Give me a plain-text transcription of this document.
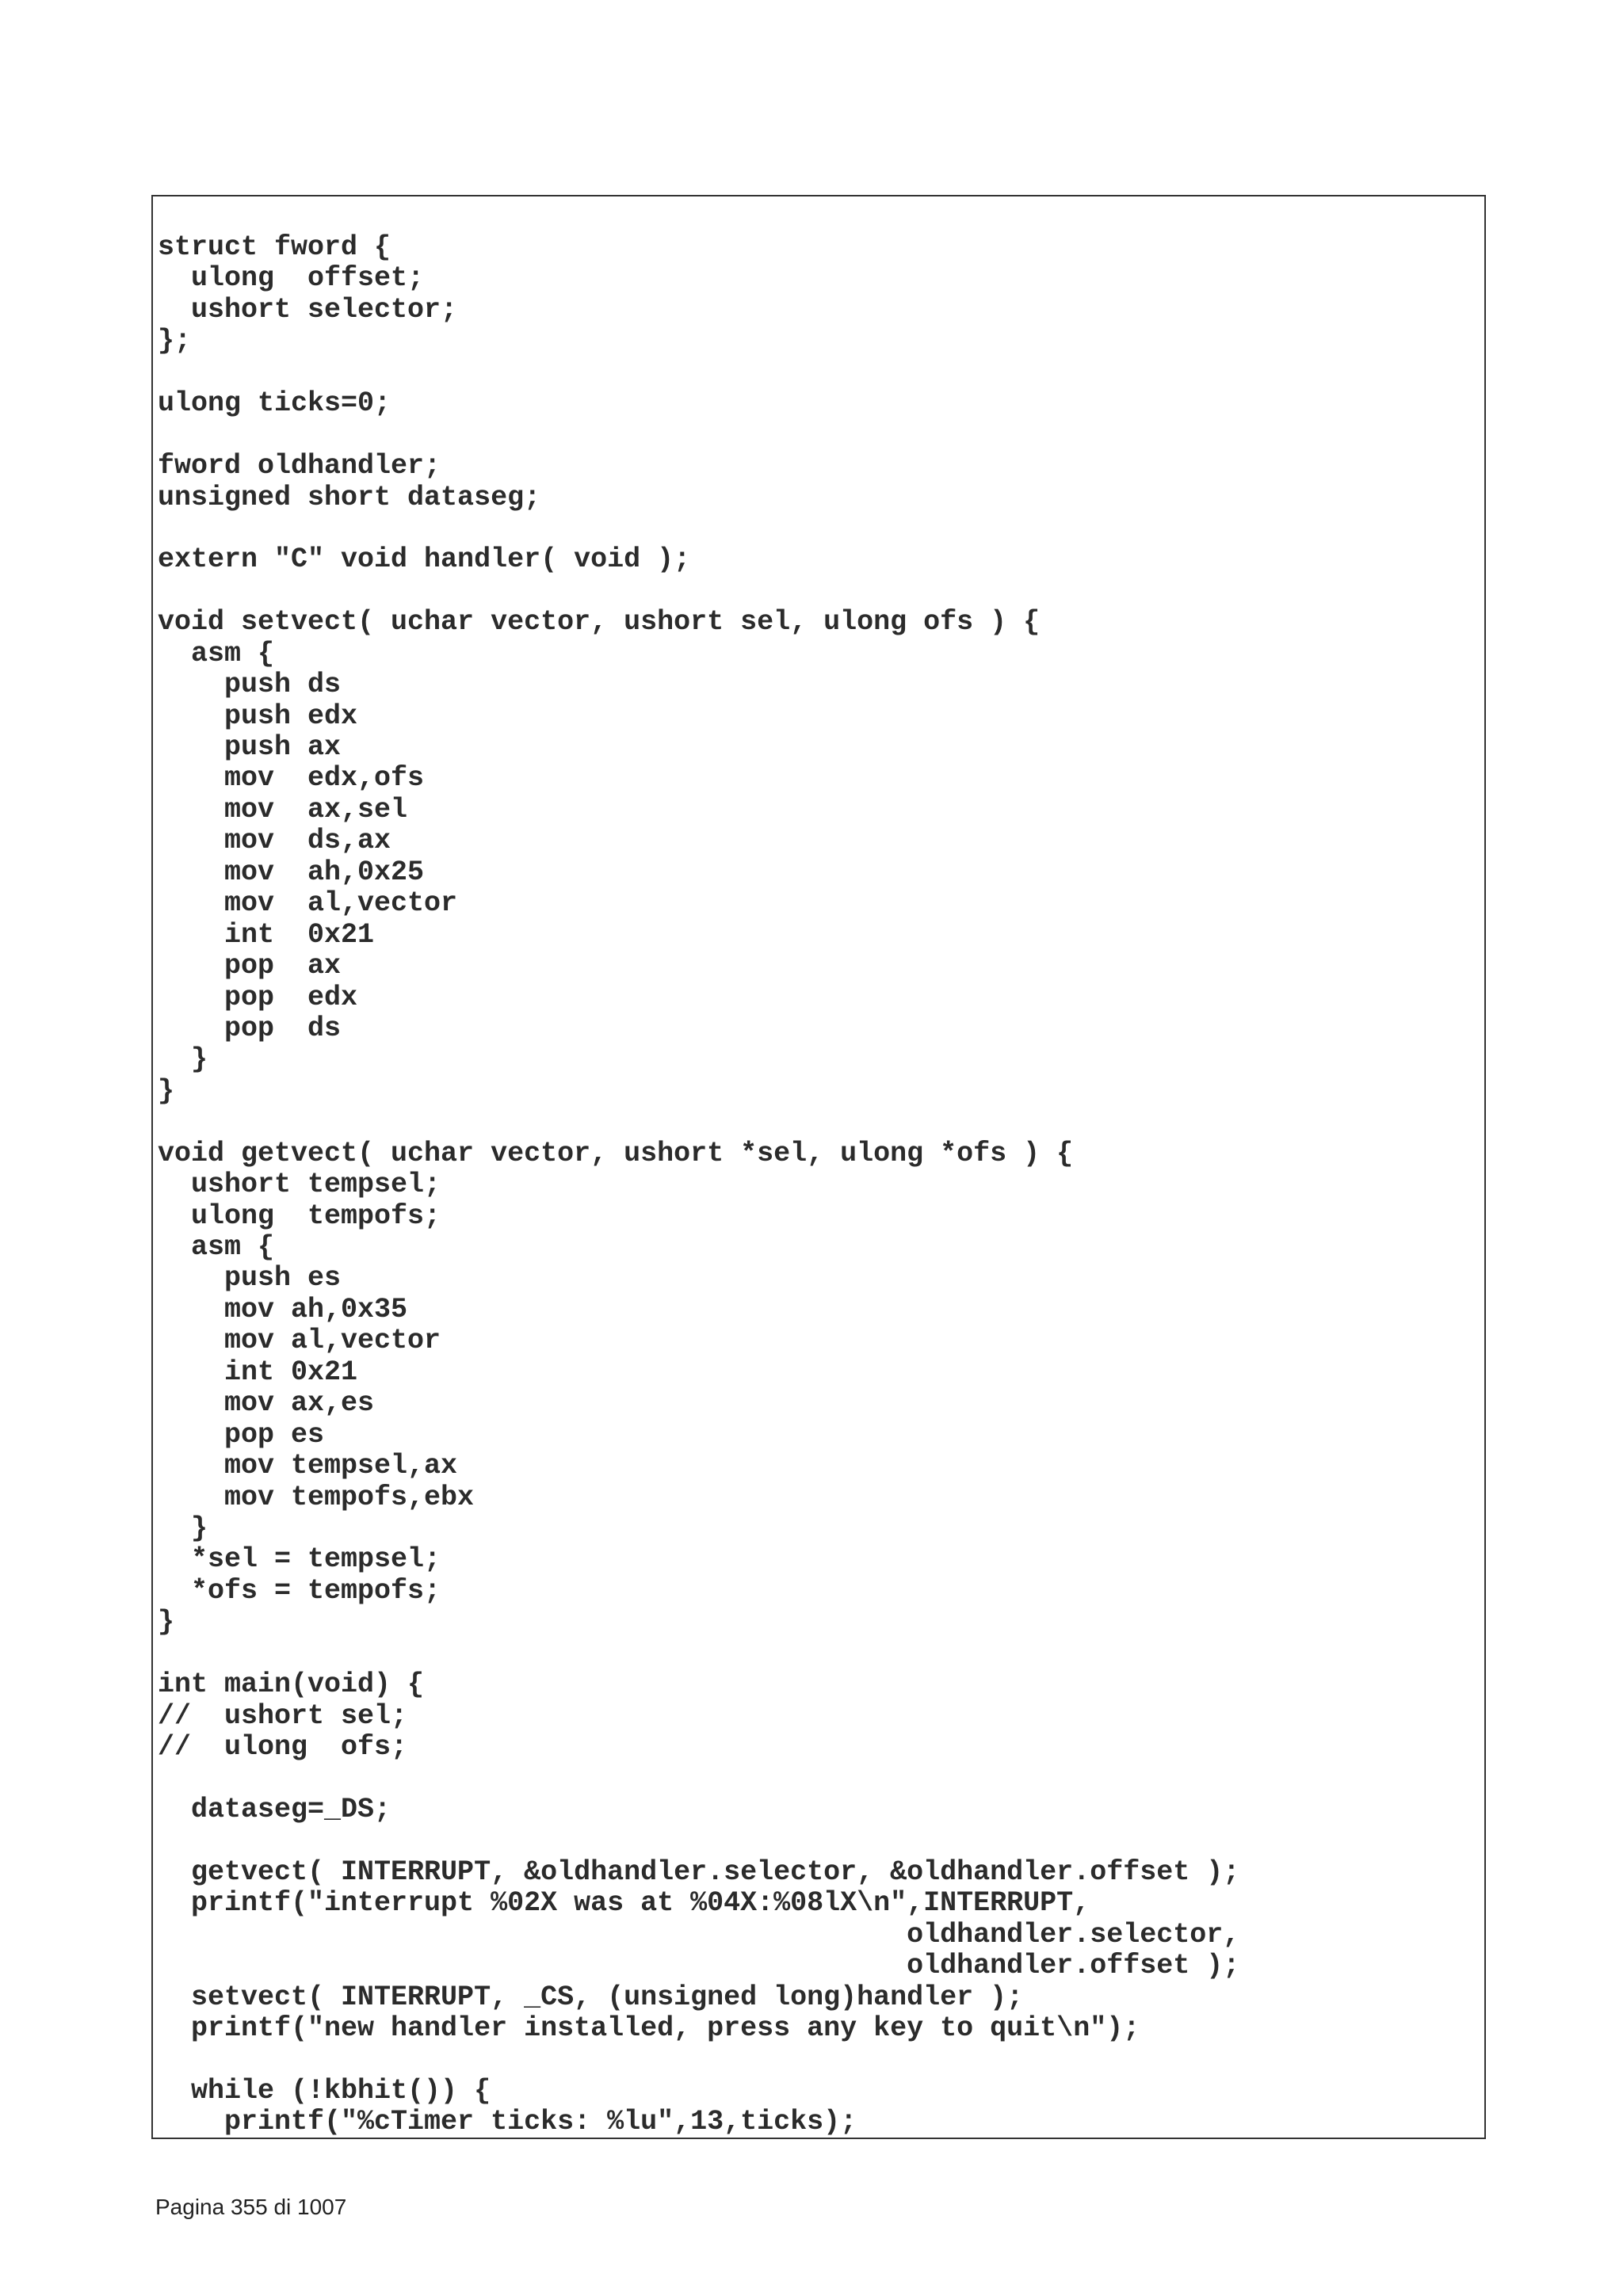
struct fword {
ulong  offset;
ushort selector;
};

ulong ticks=0;

fword oldhandler;
unsigned short dataseg;

extern "C" void handler( void );

void setvect( uchar vector, ushort sel, ulong ofs ) {
asm {
push ds
push edx
push ax
mov  edx,ofs
mov  ax,sel
mov  ds,ax
mov  ah,0x25
mov  al,vector
int  0x21
pop  ax
pop  edx
pop  ds
}
}

void getvect( uchar vector, ushort *sel, ulong *ofs ) {
ushort tempsel;
ulong  tempofs;
asm {
push es
mov ah,0x35
mov al,vector
int 0x21
mov ax,es
pop es
mov tempsel,ax
mov tempofs,ebx
}
*sel = tempsel;
*ofs = tempofs;
}

int main(void) {
//  ushort sel;
//  ulong  ofs;

dataseg=_DS;

getvect( INTERRUPT, &oldhandler.selector, &oldhandler.offset );
printf("interrupt %02X was at %04X:%08lX\n",INTERRUPT,
oldhandler.selector,
oldhandler.offset );
setvect( INTERRUPT, _CS, (unsigned long)handler );
printf("new handler installed, press any key to quit\n");

while (!kbhit()) {
printf("%cTimer ticks: %lu",13,ticks);
Pagina 355 di 1007
